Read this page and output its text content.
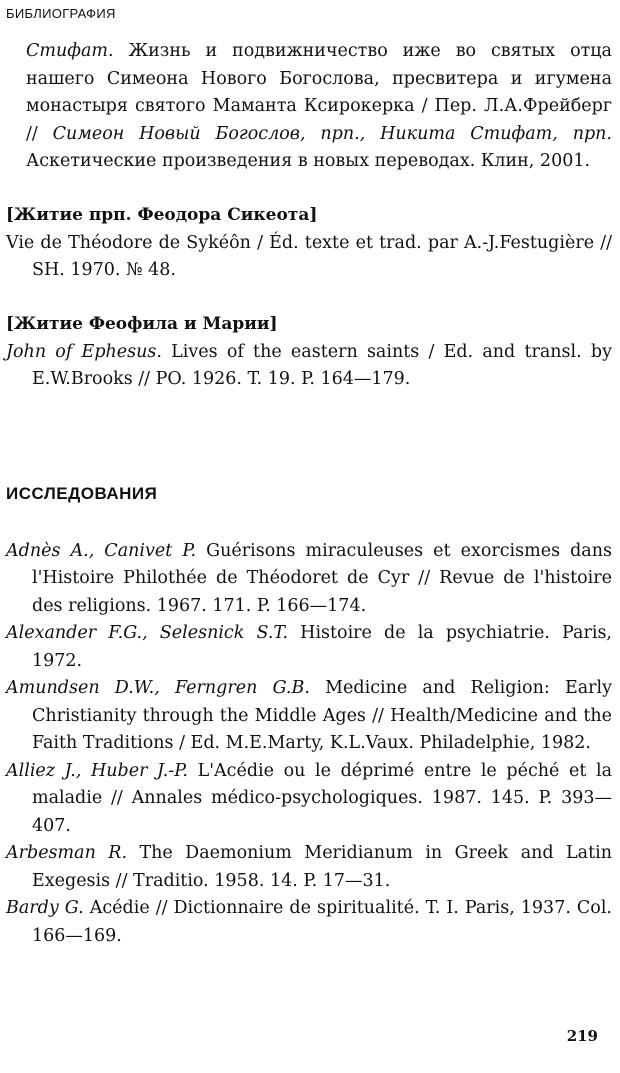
БИБЛИОГРАФИЯ

Стифат. Жизнь и подвижничество иже во святых отца нашего Симеона Нового Богослова, пресвитера и игумена монастыря святого Маманта Ксирокерка / Пер. Л.А.Фрейберг // Симеон Новый Богослов, прп., Никита Стифат, прп. Аскетические произведения в новых переводах. Клин, 2001.

[Житие прп. Феодора Сикеота]

Vie de Théodore de Sykéôn / Éd. texte et trad. par A.-J.Festugière // SH. 1970. № 48.

[Житие Феофила и Марии]

John of Ephesus. Lives of the eastern saints / Ed. and transl. by E.W.Brooks // PO. 1926. T. 19. P. 164—179.

ИССЛЕДОВАНИЯ

Adnès A., Canivet P. Guérisons miraculeuses et exorcismes dans l'Histoire Philothée de Théodoret de Cyr // Revue de l'histoire des religions. 1967. 171. P. 166—174.

Alexander F.G., Selesnick S.T. Histoire de la psychiatrie. Paris, 1972.

Amundsen D.W., Ferngren G.B. Medicine and Religion: Early Christianity through the Middle Ages // Health/Medicine and the Faith Traditions / Ed. M.E.Marty, K.L.Vaux. Philadelphie, 1982.

Alliez J., Huber J.-P. L'Acédie ou le déprimé entre le péché et la maladie // Annales médico-psychologiques. 1987. 145. P. 393—407.

Arbesman R. The Daemonium Meridianum in Greek and Latin Exegesis // Traditio. 1958. 14. P. 17—31.

Bardy G. Acédie // Dictionnaire de spiritualité. T. I. Paris, 1937. Col. 166—169.

219
